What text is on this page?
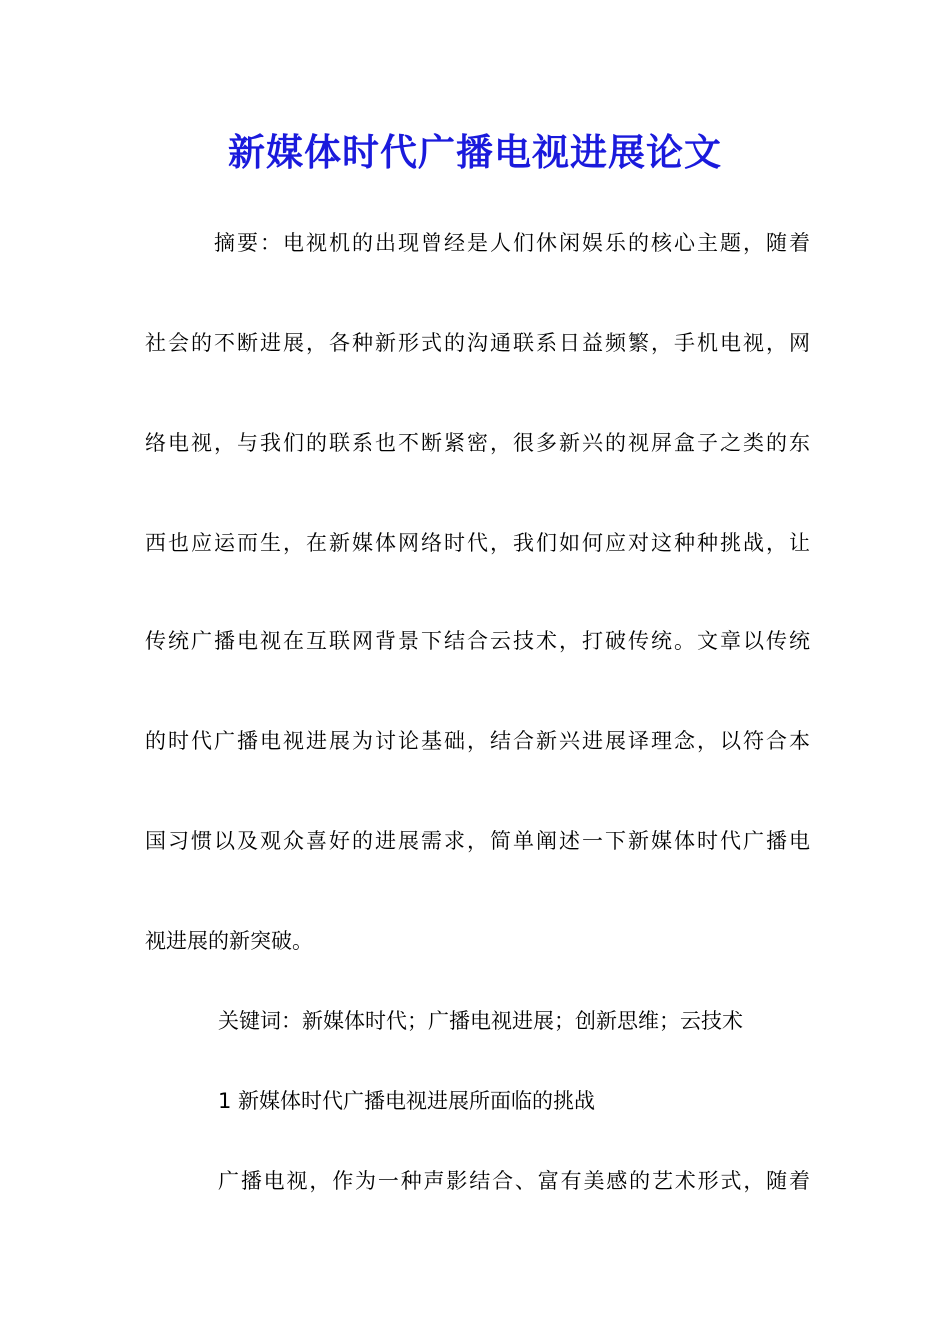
新媒体时代广播电视进展论文

摘要：电视机的出现曾经是人们休闲娱乐的核心主题，随着

社会的不断进展，各种新形式的沟通联系日益频繁，手机电视，网

络电视，与我们的联系也不断紧密，很多新兴的视屏盒子之类的东

西也应运而生，在新媒体网络时代，我们如何应对这种种挑战，让

传统广播电视在互联网背景下结合云技术，打破传统。文章以传统

的时代广播电视进展为讨论基础，结合新兴进展译理念，以符合本

国习惯以及观众喜好的进展需求，简单阐述一下新媒体时代广播电

视进展的新突破。

关键词：新媒体时代；广播电视进展；创新思维；云技术

1 新媒体时代广播电视进展所面临的挑战

广播电视，作为一种声影结合、富有美感的艺术形式，随着
